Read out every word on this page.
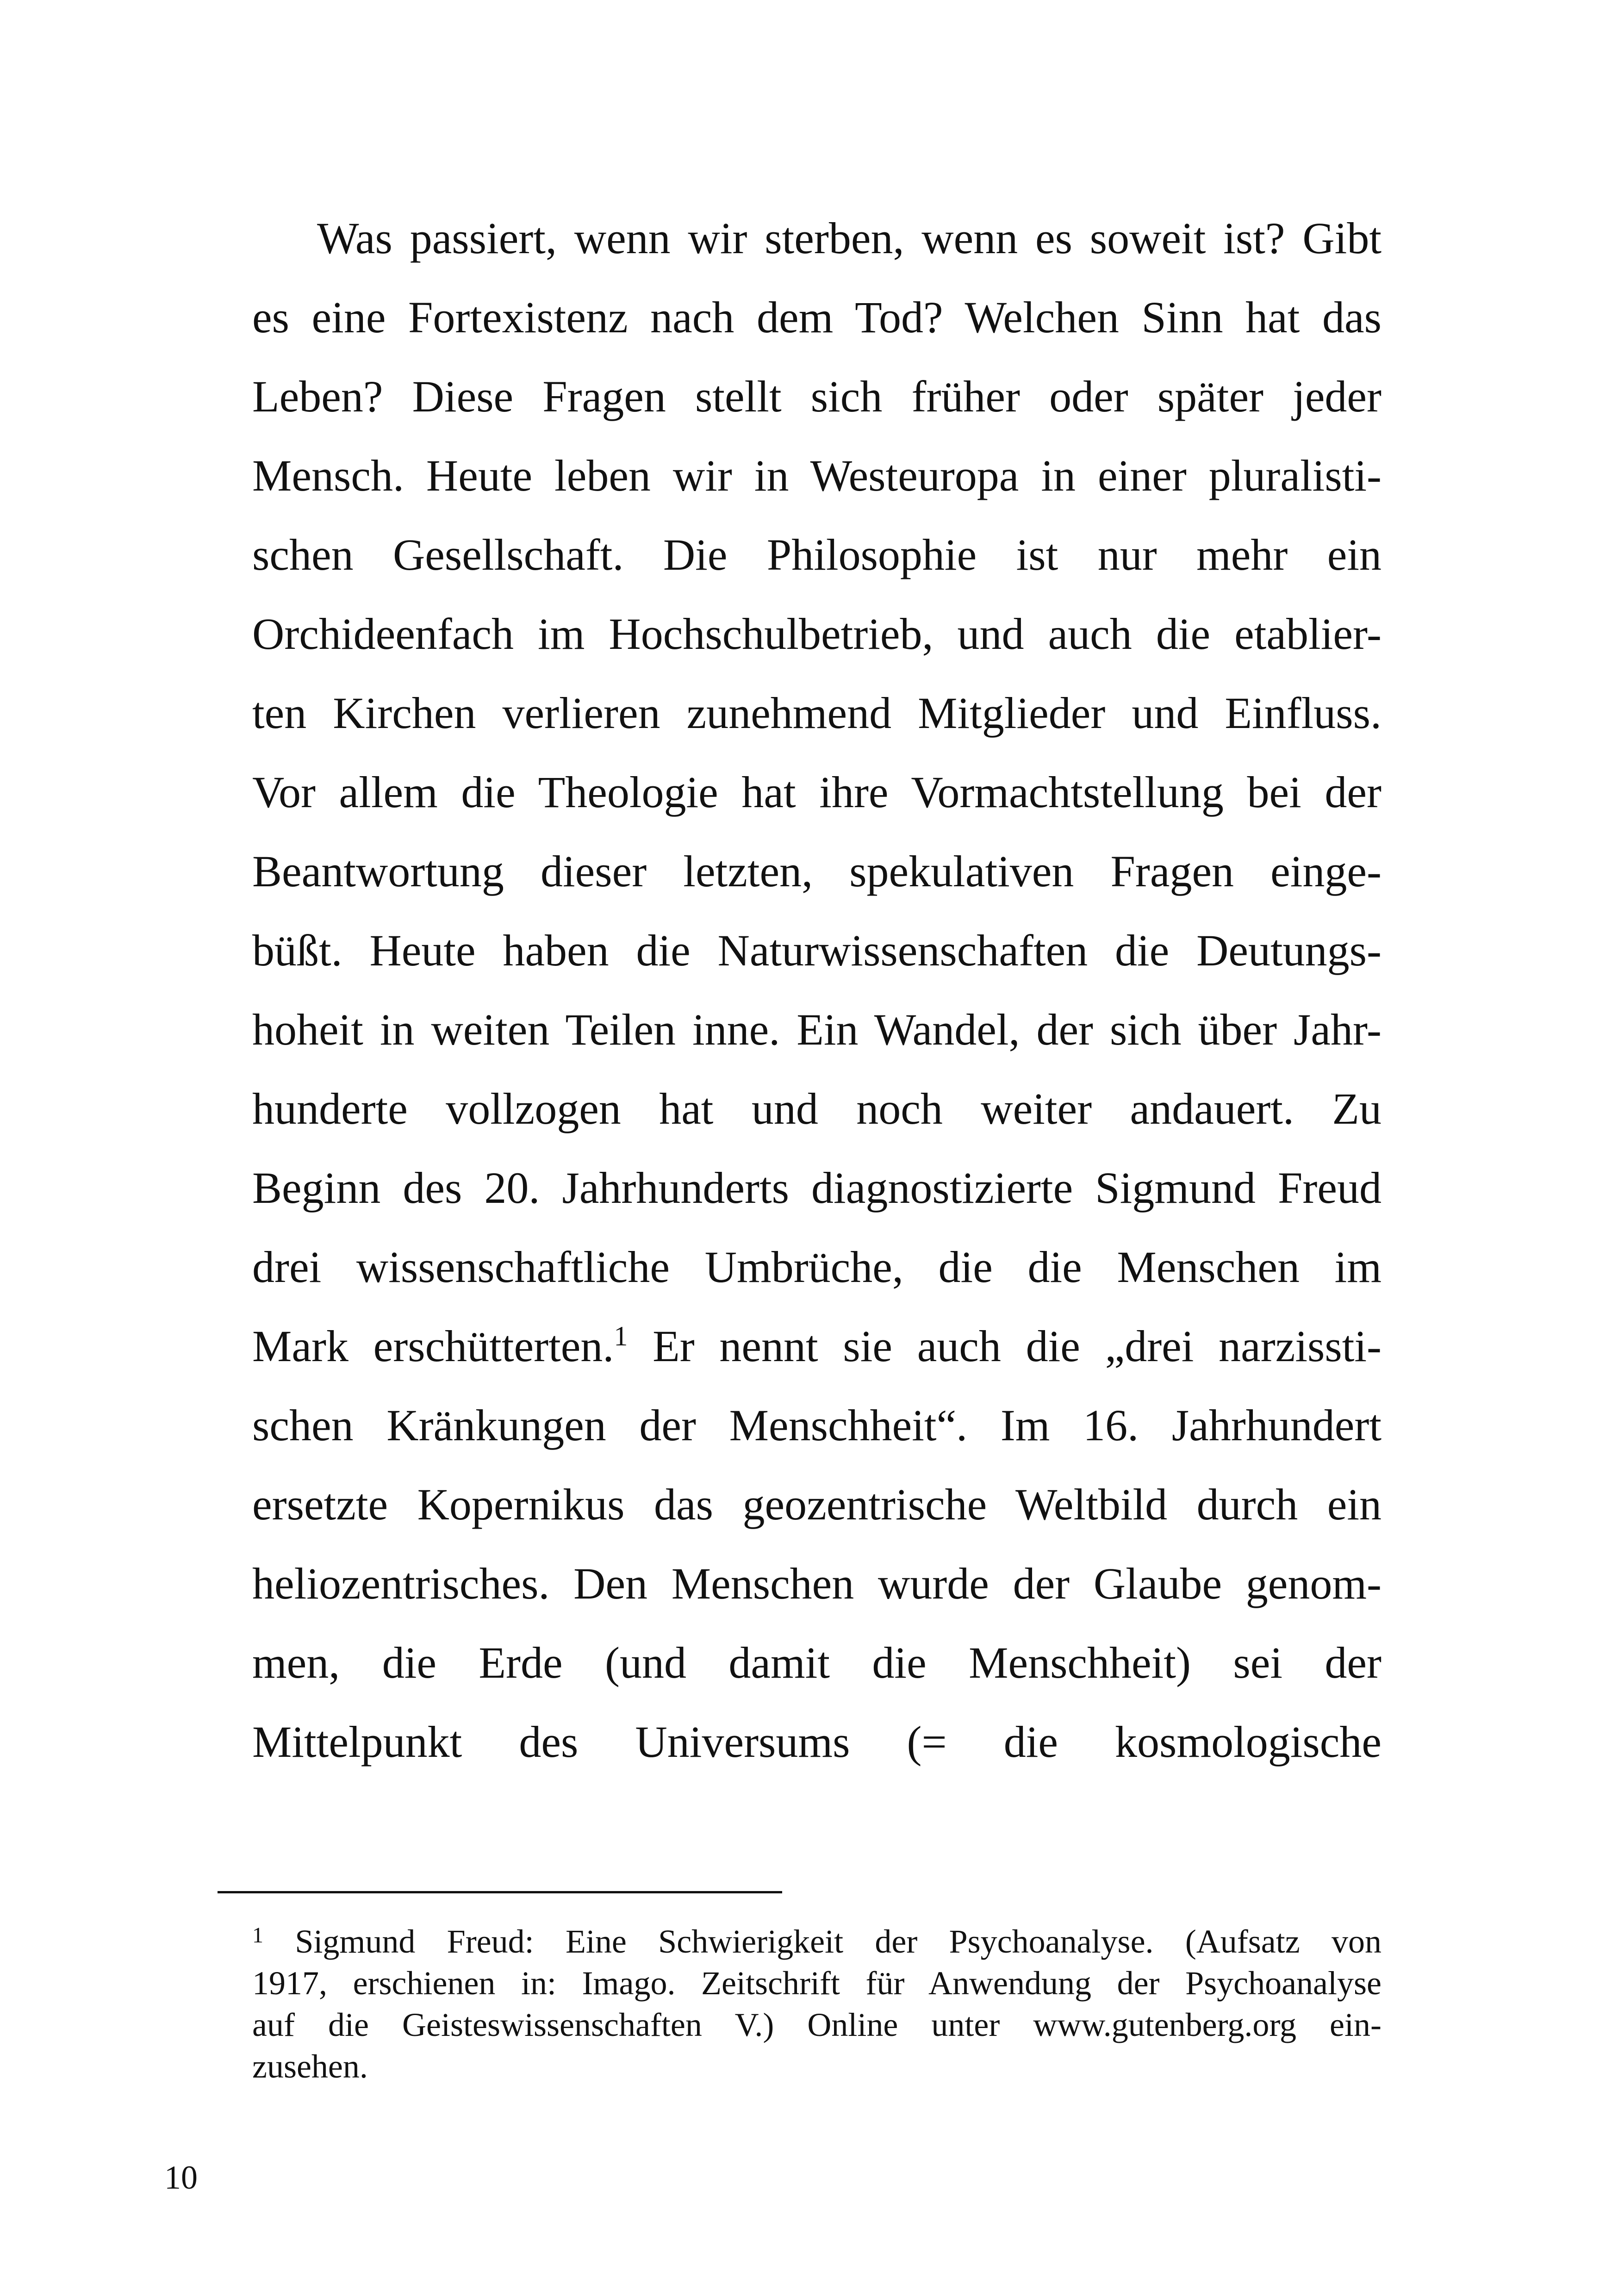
Was passiert, wenn wir sterben, wenn es soweit ist? Gibt
es eine Fortexistenz nach dem Tod? Welchen Sinn hat das
Leben? Diese Fragen stellt sich früher oder später jeder
Mensch. Heute leben wir in Westeuropa in einer pluralisti-
schen Gesellschaft. Die Philosophie ist nur mehr ein
Orchideenfach im Hochschulbetrieb, und auch die etablier-
ten Kirchen verlieren zunehmend Mitglieder und Einfluss.
Vor allem die Theologie hat ihre Vormachtstellung bei der
Beantwortung dieser letzten, spekulativen Fragen einge-
büßt. Heute haben die Naturwissenschaften die Deutungs-
hoheit in weiten Teilen inne. Ein Wandel, der sich über Jahr-
hunderte vollzogen hat und noch weiter andauert. Zu
Beginn des 20. Jahrhunderts diagnostizierte Sigmund Freud
drei wissenschaftliche Umbrüche, die die Menschen im
Mark erschütterten.$^1$ Er nennt sie auch die „drei narzissti-
schen Kränkungen der Menschheit“. Im 16. Jahrhundert
ersetzte Kopernikus das geozentrische Weltbild durch ein
heliozentrisches. Den Menschen wurde der Glaube genom-
men, die Erde (und damit die Menschheit) sei der
Mittelpunkt des Universums (= die kosmologische
$^1$ Sigmund Freud: Eine Schwierigkeit der Psychoanalyse. (Aufsatz von
1917, erschienen in: Imago. Zeitschrift für Anwendung der Psychoanalyse
auf die Geisteswissenschaften V.) Online unter www.gutenberg.org ein-
zusehen.
10
